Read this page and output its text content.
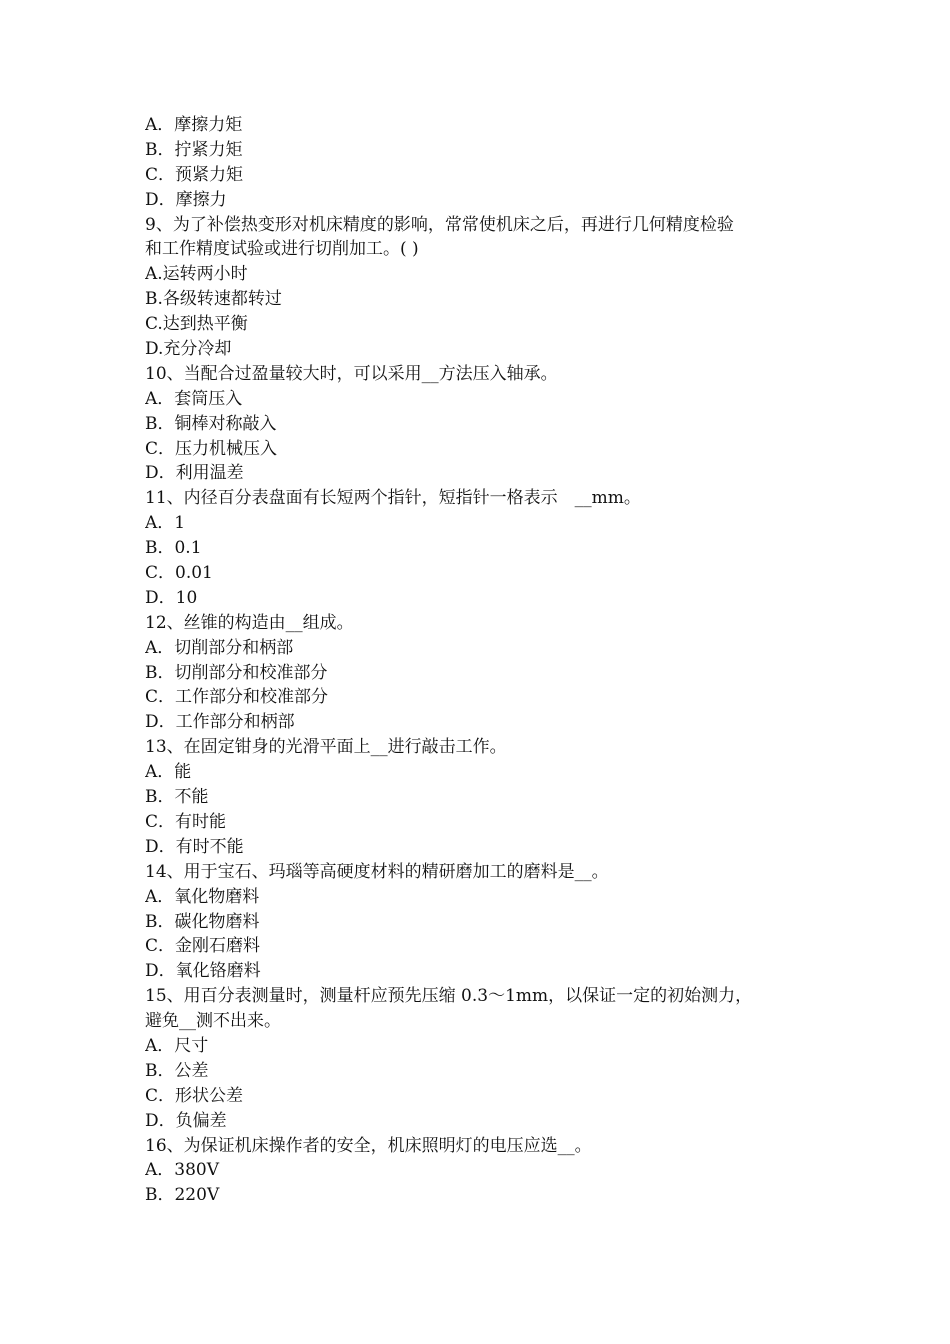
A．摩擦力矩
B．拧紧力矩
C．预紧力矩
D．摩擦力
9、为了补偿热变形对机床精度的影响，常常使机床之后，再进行几何精度检验
和工作精度试验或进行切削加工。( )
A.运转两小时
B.各级转速都转过
C.达到热平衡
D.充分冷却
10、当配合过盈量较大时，可以采用__方法压入轴承。
A．套筒压入
B．铜棒对称敲入
C．压力机械压入
D．利用温差
11、内径百分表盘面有长短两个指针，短指针一格表示　__mm。
A．1
B．0.1
C．0.01
D．10
12、丝锥的构造由__组成。
A．切削部分和柄部
B．切削部分和校准部分
C．工作部分和校准部分
D．工作部分和柄部
13、在固定钳身的光滑平面上__进行敲击工作。
A．能
B．不能
C．有时能
D．有时不能
14、用于宝石、玛瑙等高硬度材料的精研磨加工的磨料是__。
A．氧化物磨料
B．碳化物磨料
C．金刚石磨料
D．氧化铬磨料
15、用百分表测量时，测量杆应预先压缩 0.3～1mm，以保证一定的初始测力，
避免__测不出来。
A．尺寸
B．公差
C．形状公差
D．负偏差
16、为保证机床操作者的安全，机床照明灯的电压应选__。
A．380V
B．220V
